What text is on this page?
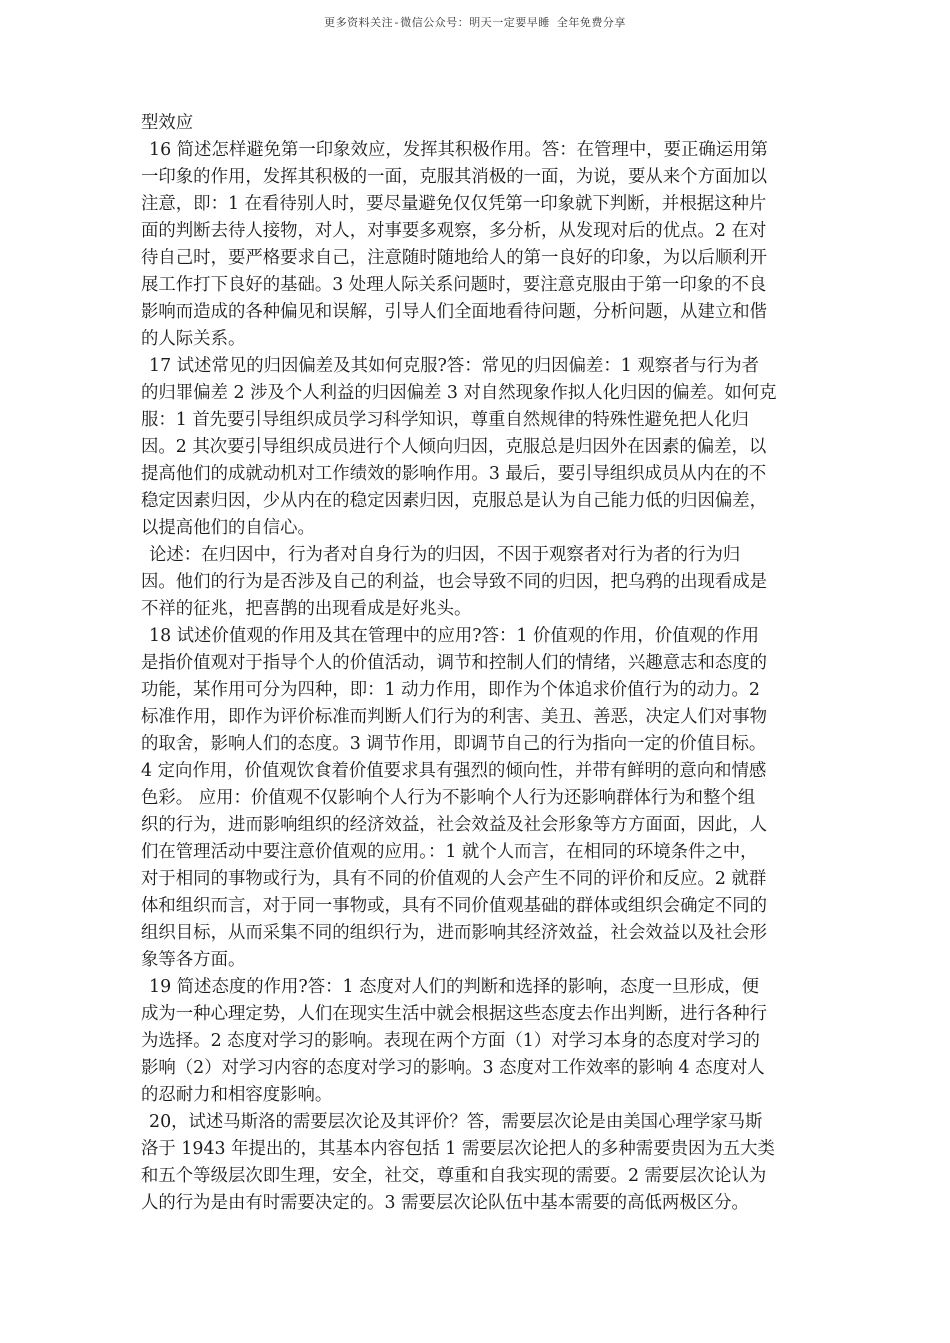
更多资料关注-微信公众号：明天一定要早睡 全年免费分享
型效应
16 简述怎样避免第一印象效应，发挥其积极作用。答：在管理中，要正确运用第
一印象的作用，发挥其积极的一面，克服其消极的一面，为说，要从来个方面加以
注意，即：1 在看待别人时，要尽量避免仅仅凭第一印象就下判断，并根据这种片
面的判断去待人接物，对人，对事要多观察，多分析，从发现对后的优点。2 在对
待自己时，要严格要求自己，注意随时随地给人的第一良好的印象，为以后顺利开
展工作打下良好的基础。3 处理人际关系问题时，要注意克服由于第一印象的不良
影响而造成的各种偏见和误解，引导人们全面地看待问题，分析问题，从建立和偕
的人际关系。
17 试述常见的归因偏差及其如何克服?答：常见的归因偏差：1 观察者与行为者
的归罪偏差 2 涉及个人利益的归因偏差 3 对自然现象作拟人化归因的偏差。如何克
服：1 首先要引导组织成员学习科学知识，尊重自然规律的特殊性避免把人化归
因。2 其次要引导组织成员进行个人倾向归因，克服总是归因外在因素的偏差，以
提高他们的成就动机对工作绩效的影响作用。3 最后，要引导组织成员从内在的不
稳定因素归因，少从内在的稳定因素归因，克服总是认为自己能力低的归因偏差，
以提高他们的自信心。
论述：在归因中，行为者对自身行为的归因，不因于观察者对行为者的行为归
因。他们的行为是否涉及自己的利益，也会导致不同的归因，把乌鸦的出现看成是
不祥的征兆，把喜鹊的出现看成是好兆头。
18 试述价值观的作用及其在管理中的应用?答：1 价值观的作用，价值观的作用
是指价值观对于指导个人的价值活动，调节和控制人们的情绪，兴趣意志和态度的
功能，某作用可分为四种，即：1 动力作用，即作为个体追求价值行为的动力。2
标准作用，即作为评价标准而判断人们行为的利害、美丑、善恶，决定人们对事物
的取舍，影响人们的态度。3 调节作用，即调节自己的行为指向一定的价值目标。
4 定向作用，价值观饮食着价值要求具有强烈的倾向性，并带有鲜明的意向和情感
色彩。 应用：价值观不仅影响个人行为不影响个人行为还影响群体行为和整个组
织的行为，进而影响组织的经济效益，社会效益及社会形象等方方面面，因此，人
们在管理活动中要注意价值观的应用。：1 就个人而言，在相同的环境条件之中，
对于相同的事物或行为，具有不同的价值观的人会产生不同的评价和反应。2 就群
体和组织而言，对于同一事物或，具有不同价值观基础的群体或组织会确定不同的
组织目标，从而采集不同的组织行为，进而影响其经济效益，社会效益以及社会形
象等各方面。
19 简述态度的作用?答：1 态度对人们的判断和选择的影响，态度一旦形成，便
成为一种心理定势，人们在现实生活中就会根据这些态度去作出判断，进行各种行
为选择。2 态度对学习的影响。表现在两个方面（1）对学习本身的态度对学习的
影响（2）对学习内容的态度对学习的影响。3 态度对工作效率的影响 4 态度对人
的忍耐力和相容度影响。
20，试述马斯洛的需要层次论及其评价？答，需要层次论是由美国心理学家马斯
洛于 1943 年提出的，其基本内容包括 1 需要层次论把人的多种需要贵因为五大类
和五个等级层次即生理，安全，社交，尊重和自我实现的需要。2 需要层次论认为
人的行为是由有时需要决定的。3 需要层次论队伍中基本需要的高低两极区分。
